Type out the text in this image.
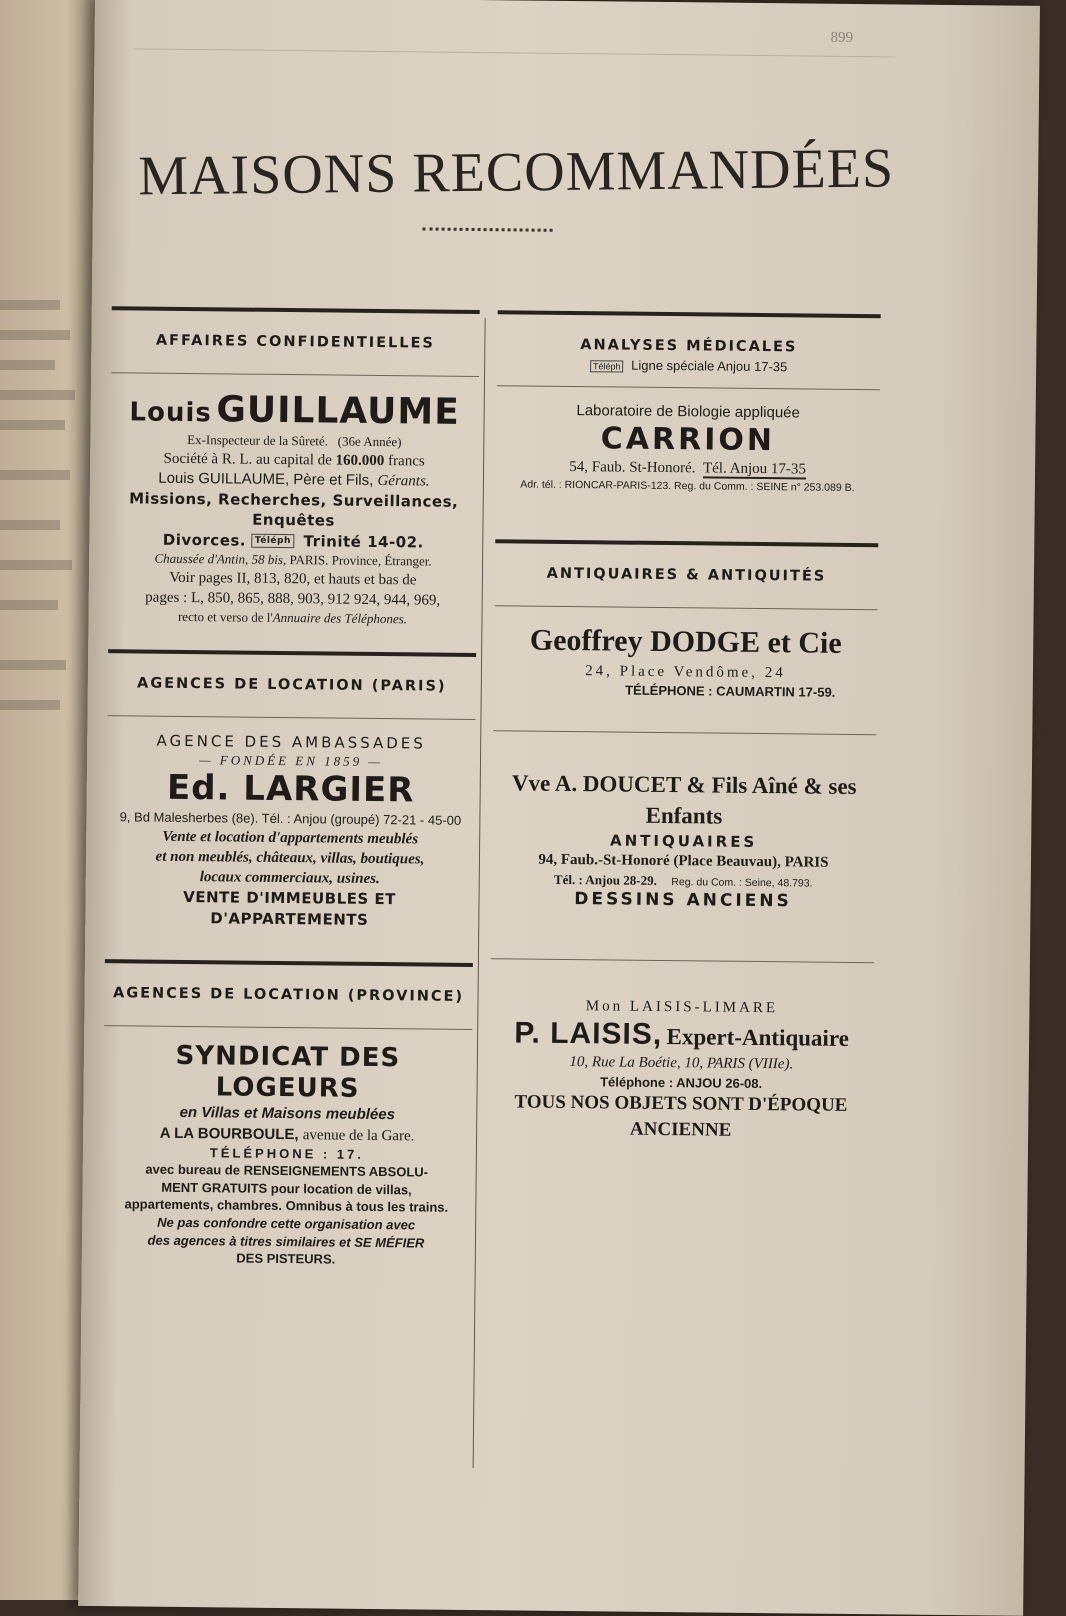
899
MAISONS RECOMMANDÉES
AFFAIRES CONFIDENTIELLES
Louis GUILLAUME
Ex-Inspecteur de la Sûreté. (36e Année)
Société à R. L. au capital de 160.000 francs
Louis GUILLAUME, Père et Fils, Gérants.
Missions, Recherches, Surveillances, Enquêtes
Divorces. Téléph Trinité 14-02.
Chaussée d'Antin, 58 bis, PARIS. Province, Étranger.
Voir pages II, 813, 820, et hauts et bas de
pages : L, 850, 865, 888, 903, 912 924, 944, 969,
recto et verso de l'Annuaire des Téléphones.
AGENCES DE LOCATION (PARIS)
AGENCE DES AMBASSADES
— FONDÉE EN 1859 —
Ed. LARGIER
9, Bd Malesherbes (8e). Tél. : Anjou (groupé) 72-21 - 45-00
Vente et location d'appartements meublés
et non meublés, châteaux, villas, boutiques,
locaux commerciaux, usines.
VENTE D'IMMEUBLES ET D'APPARTEMENTS
AGENCES DE LOCATION (PROVINCE)
SYNDICAT DES LOGEURS
en Villas et Maisons meublées
A LA BOURBOULE, avenue de la Gare.
TÉLÉPHONE : 17.
avec bureau de RENSEIGNEMENTS ABSOLU-
MENT GRATUITS pour location de villas,
appartements, chambres. Omnibus à tous les trains.
Ne pas confondre cette organisation avec
des agences à titres similaires et SE MÉFIER
DES PISTEURS.
ANALYSES MÉDICALES
Téléph Ligne spéciale Anjou 17-35
Laboratoire de Biologie appliquée
CARRION
54, Faub. St-Honoré. Tél. Anjou 17-35
Adr. tél. : RIONCAR-PARIS-123. Reg. du Comm. : SEINE n° 253.089 B.
ANTIQUAIRES & ANTIQUITÉS
Geoffrey DODGE et Cie
24, Place Vendôme, 24
TÉLÉPHONE : CAUMARTIN 17-59.
Vve A. DOUCET & Fils Aîné & ses Enfants
ANTIQUAIRES
94, Faub.-St-Honoré (Place Beauvau), PARIS
Tél. : Anjou 28-29. Reg. du Com. : Seine, 48.793.
DESSINS ANCIENS
Mon LAISIS-LIMARE
P. LAISIS, Expert-Antiquaire
10, Rue La Boétie, 10, PARIS (VIIIe).
Téléphone : ANJOU 26-08.
TOUS NOS OBJETS SONT D'ÉPOQUE ANCIENNE
